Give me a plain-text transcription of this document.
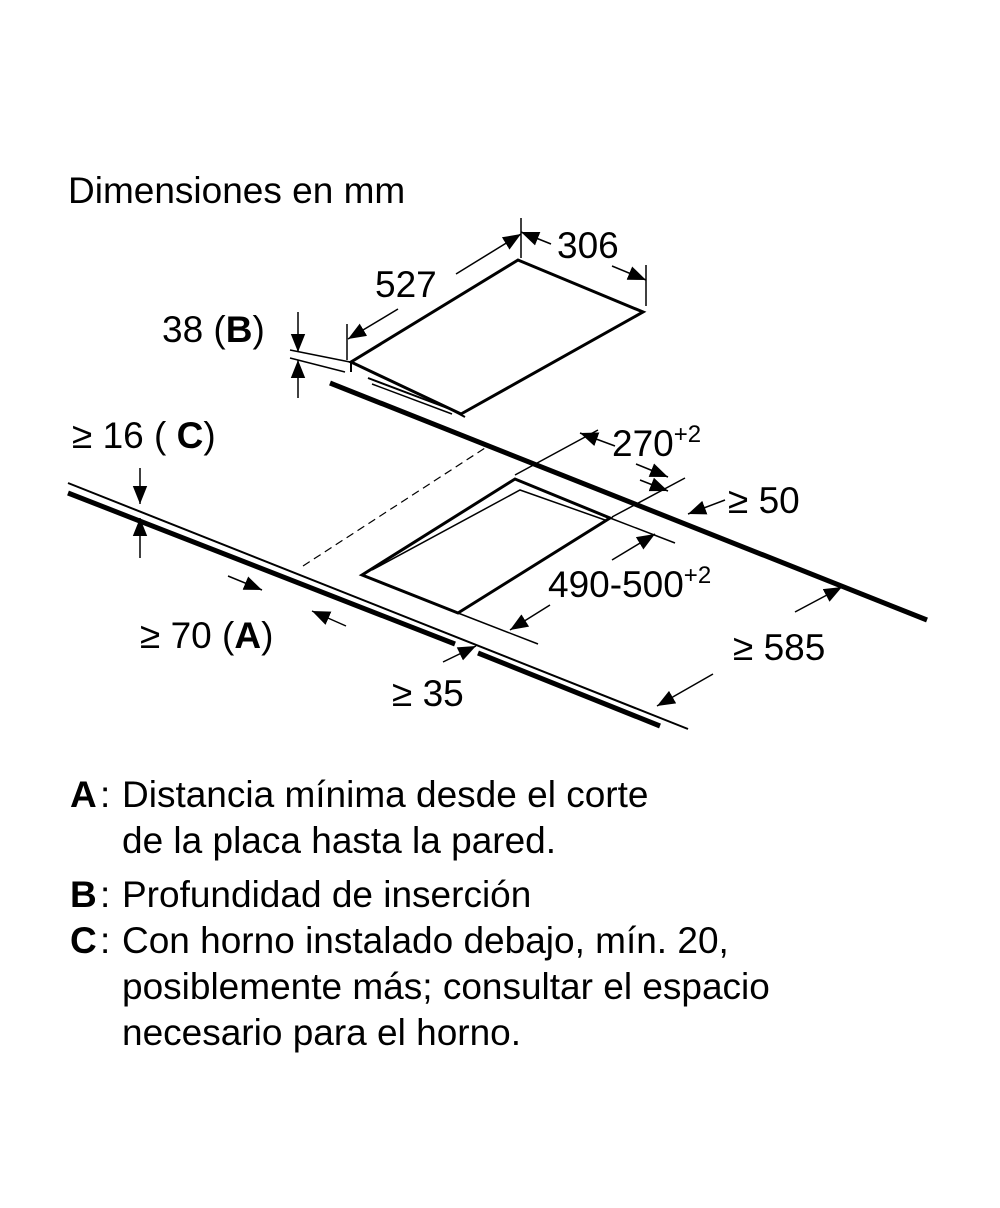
Dimensiones en mm
306
527
38 (B)
≥ 16 ( C)	$270^{+2}$
≥ 50
$490-500^{+2}$
≥ 70 (A)	≥ 585
≥ 35
A : Distancia mínima desde el corte
de la placa hasta la pared.
B : Profundidad de inserción
C : Con horno instalado debajo, mín. 20,
posiblemente más; consultar el espacio
necesario para el horno.
